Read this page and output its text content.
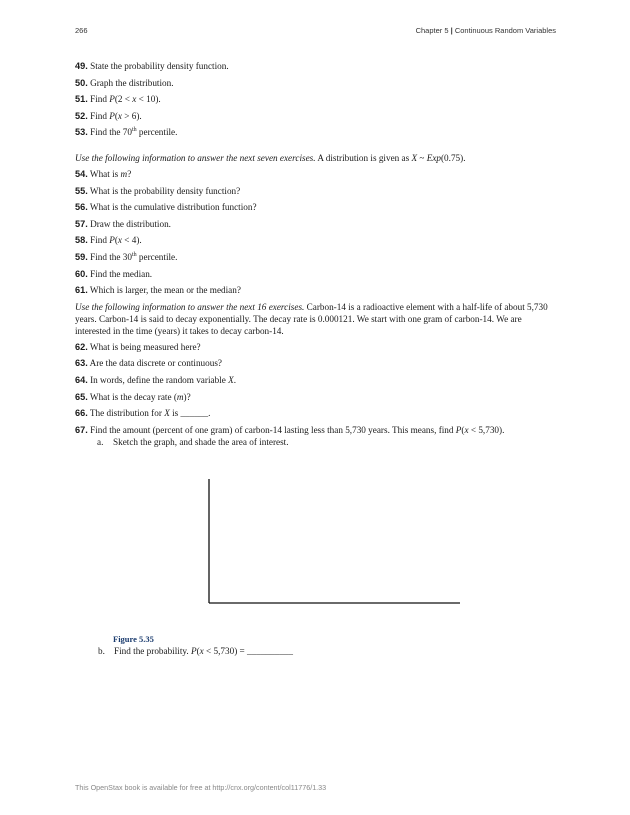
266	Chapter 5 | Continuous Random Variables
49. State the probability density function.
50. Graph the distribution.
51. Find P(2 < x < 10).
52. Find P(x > 6).
53. Find the 70th percentile.
Use the following information to answer the next seven exercises. A distribution is given as X ~ Exp(0.75).
54. What is m?
55. What is the probability density function?
56. What is the cumulative distribution function?
57. Draw the distribution.
58. Find P(x < 4).
59. Find the 30th percentile.
60. Find the median.
61. Which is larger, the mean or the median?
Use the following information to answer the next 16 exercises. Carbon-14 is a radioactive element with a half-life of about 5,730 years. Carbon-14 is said to decay exponentially. The decay rate is 0.000121. We start with one gram of carbon-14. We are interested in the time (years) it takes to decay carbon-14.
62. What is being measured here?
63. Are the data discrete or continuous?
64. In words, define the random variable X.
65. What is the decay rate (m)?
66. The distribution for X is ______.
67. Find the amount (percent of one gram) of carbon-14 lasting less than 5,730 years. This means, find P(x < 5,730).
a. Sketch the graph, and shade the area of interest.
Figure 5.35
b. Find the probability. P(x < 5,730) = __________
This OpenStax book is available for free at http://cnx.org/content/col11776/1.33
